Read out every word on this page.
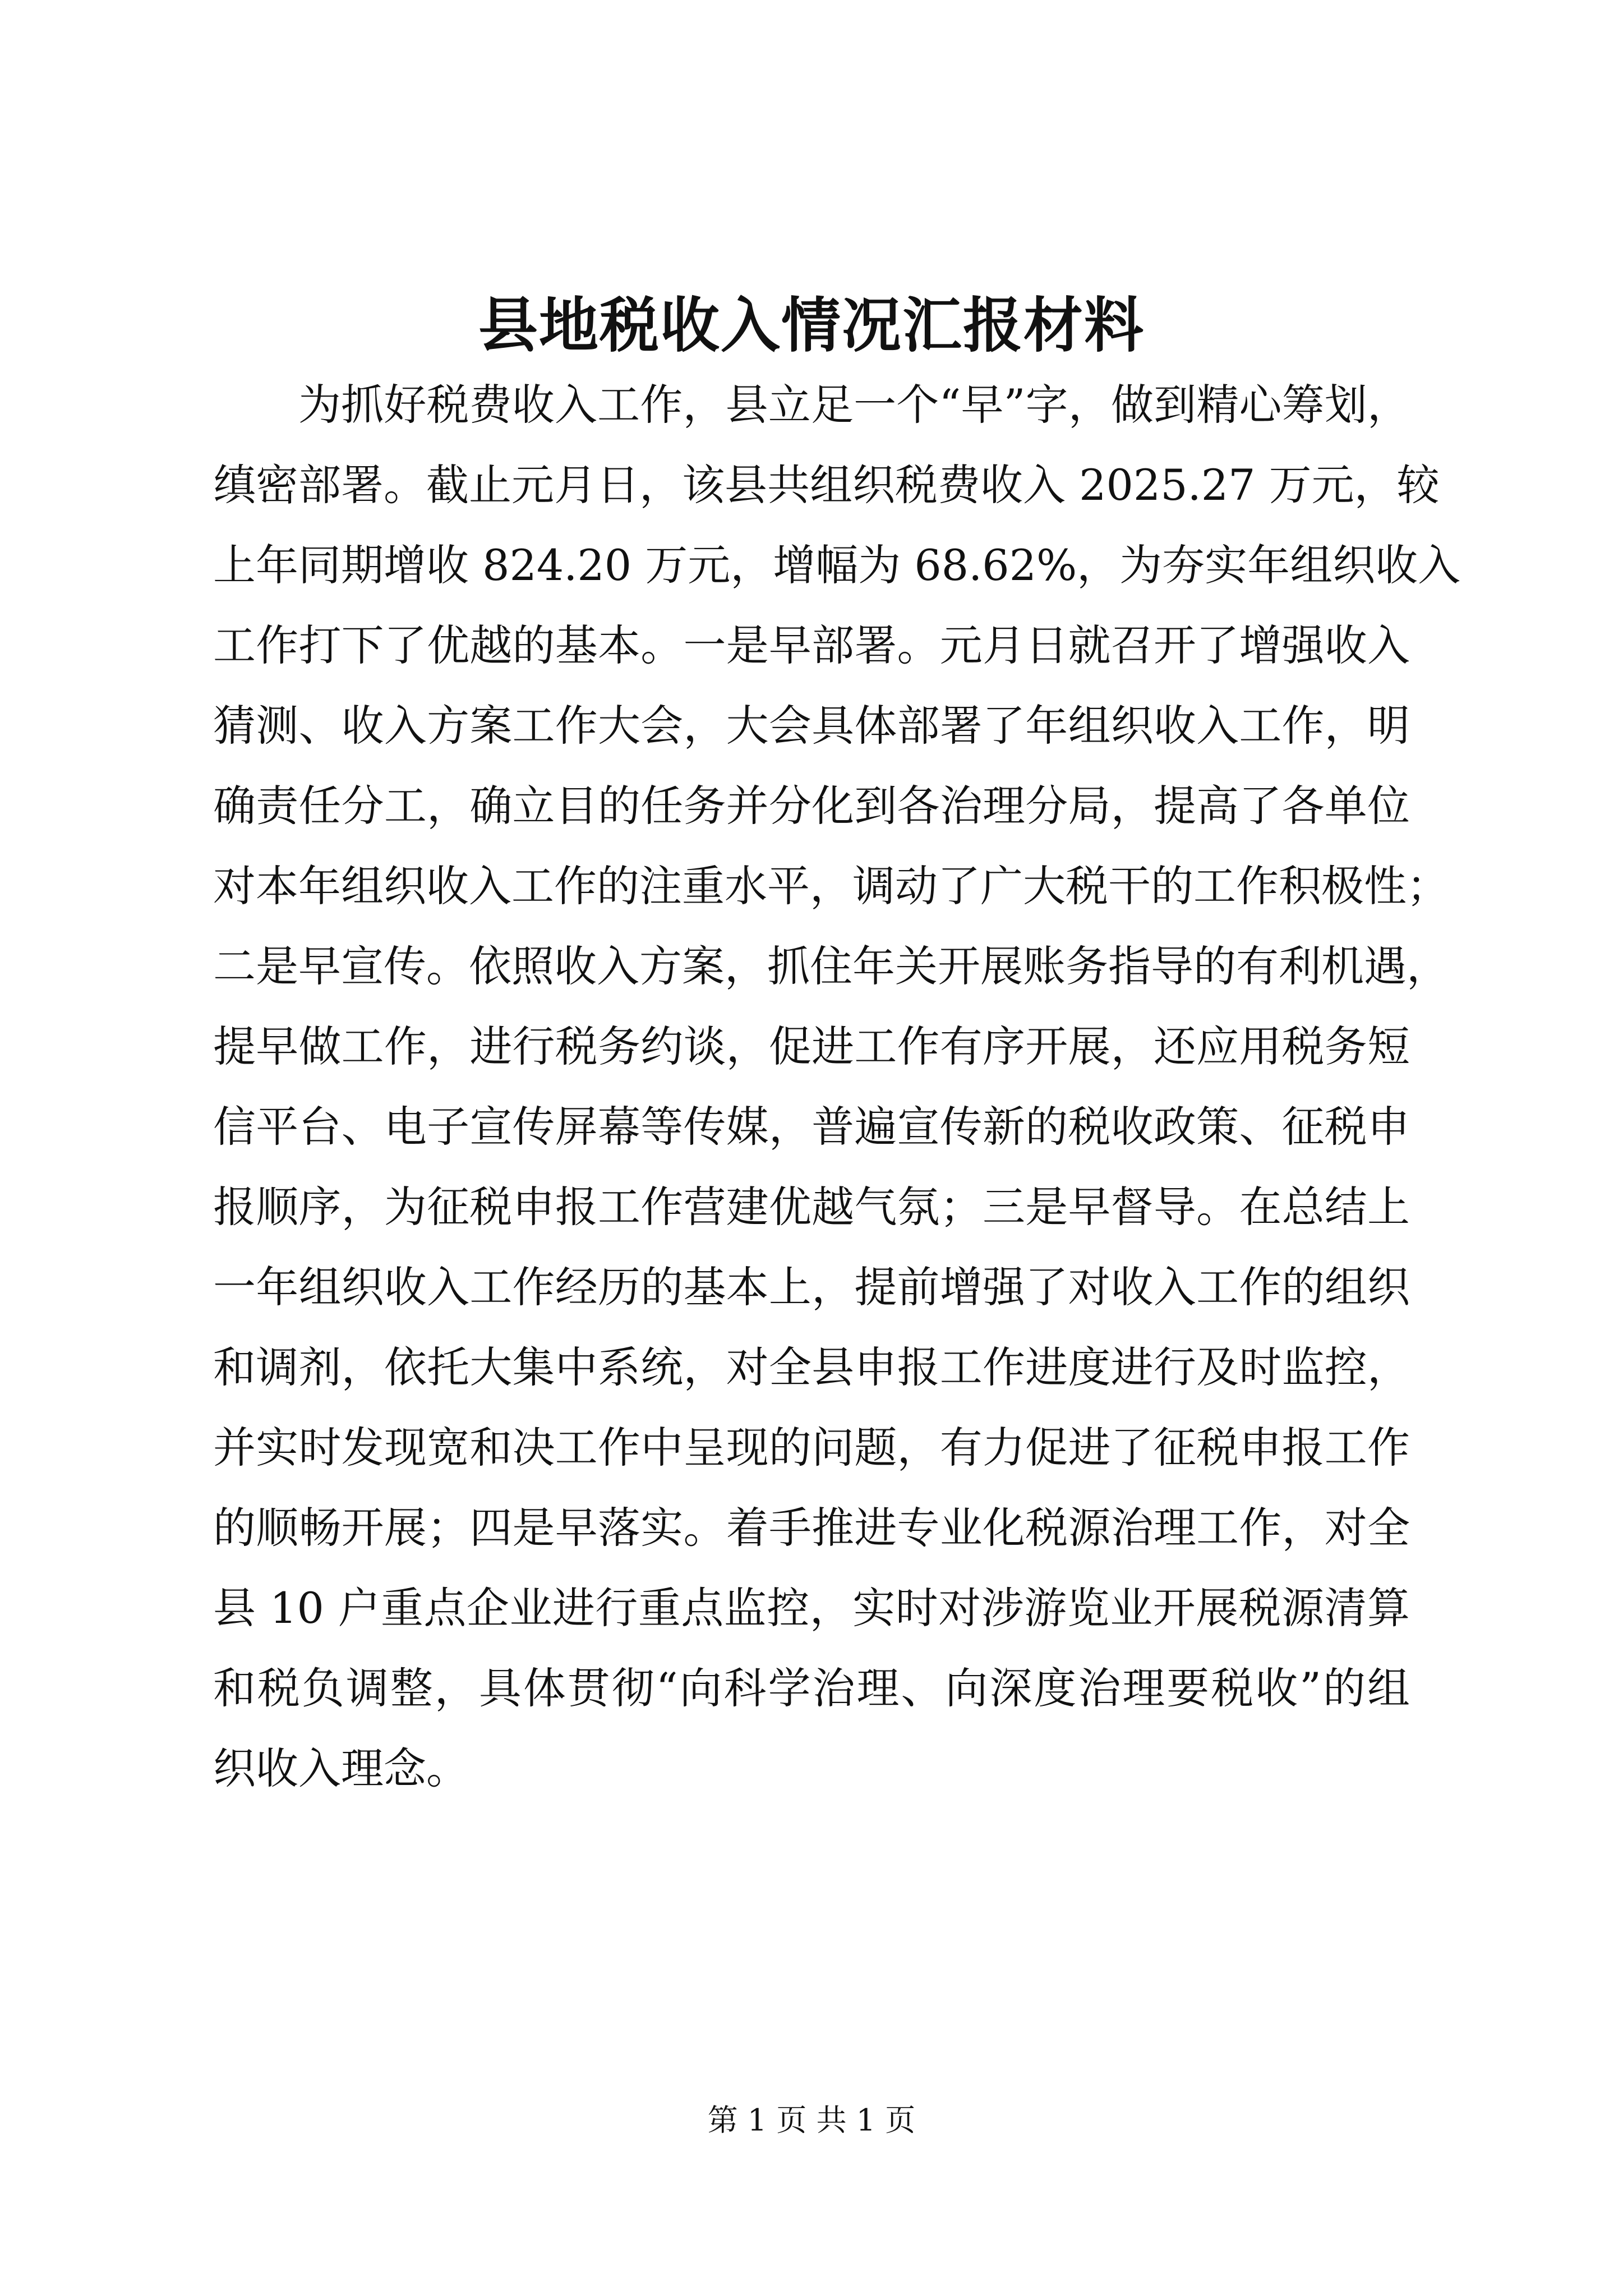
县地税收入情况汇报材料
为抓好税费收入工作，县立足一个“早”字，做到精心筹划，
缜密部署。截止元月日，该县共组织税费收入 2025.27 万元，较
上年同期增收 824.20 万元，增幅为 68.62%，为夯实年组织收入
工作打下了优越的基本。一是早部署。元月日就召开了增强收入
猜测、收入方案工作大会，大会具体部署了年组织收入工作，明
确责任分工，确立目的任务并分化到各治理分局，提高了各单位
对本年组织收入工作的注重水平，调动了广大税干的工作积极性；
二是早宣传。依照收入方案，抓住年关开展账务指导的有利机遇，
提早做工作，进行税务约谈，促进工作有序开展，还应用税务短
信平台、电子宣传屏幕等传媒，普遍宣传新的税收政策、征税申
报顺序，为征税申报工作营建优越气氛；三是早督导。在总结上
一年组织收入工作经历的基本上，提前增强了对收入工作的组织
和调剂，依托大集中系统，对全县申报工作进度进行及时监控，
并实时发现宽和决工作中呈现的问题，有力促进了征税申报工作
的顺畅开展；四是早落实。着手推进专业化税源治理工作，对全
县 10 户重点企业进行重点监控，实时对涉游览业开展税源清算
和税负调整，具体贯彻“向科学治理、向深度治理要税收”的组
织收入理念。
第 1 页 共 1 页
